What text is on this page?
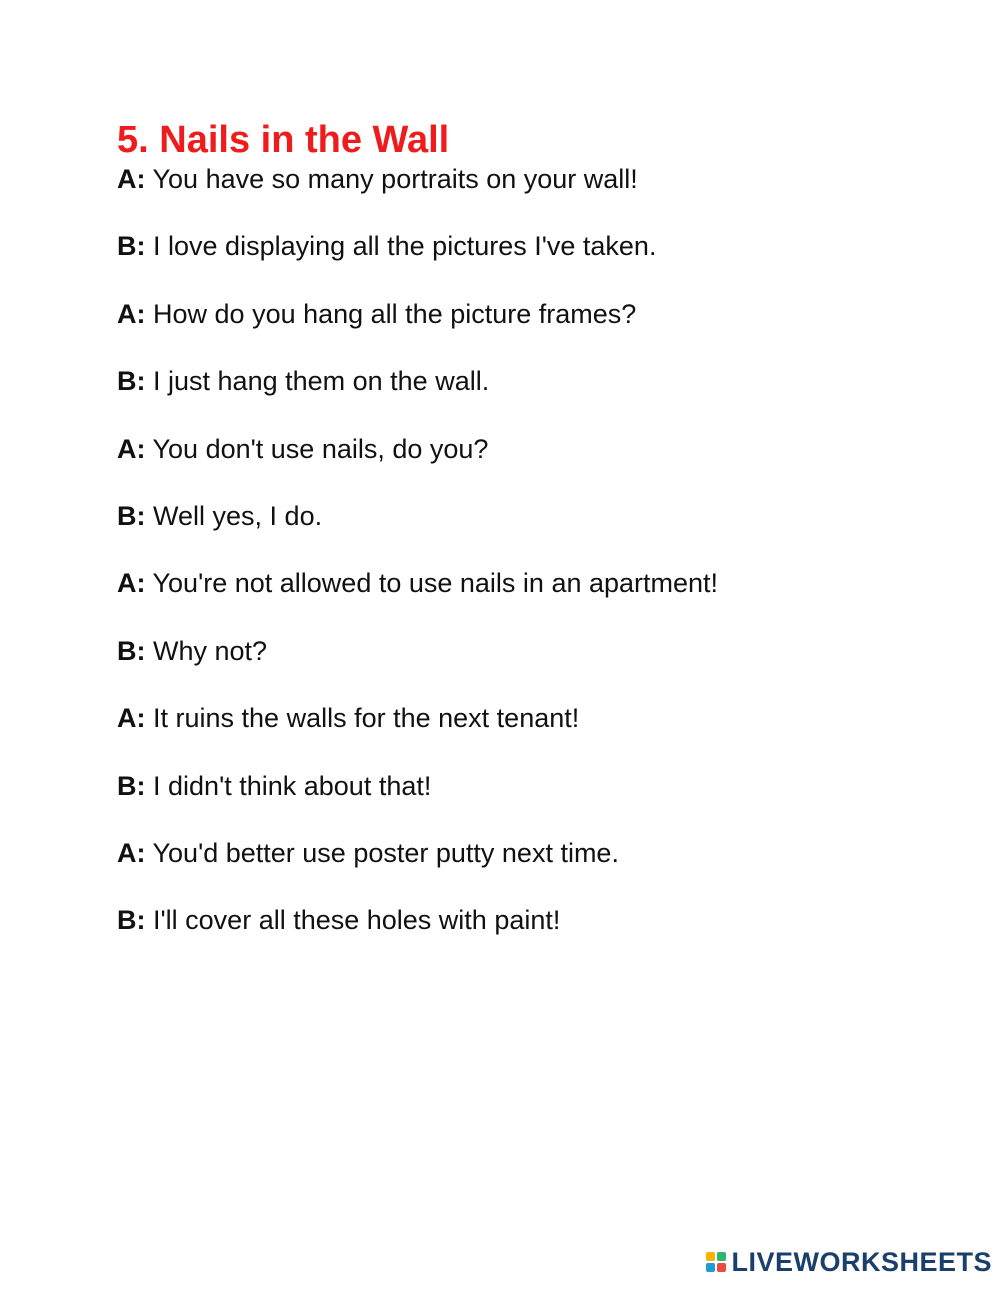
5. Nails in the Wall
A: You have so many portraits on your wall!
B: I love displaying all the pictures I've taken.
A: How do you hang all the picture frames?
B: I just hang them on the wall.
A: You don't use nails, do you?
B: Well yes, I do.
A: You're not allowed to use nails in an apartment!
B: Why not?
A: It ruins the walls for the next tenant!
B: I didn't think about that!
A: You'd better use poster putty next time.
B: I'll cover all these holes with paint!
LIVEWORKSHEETS
